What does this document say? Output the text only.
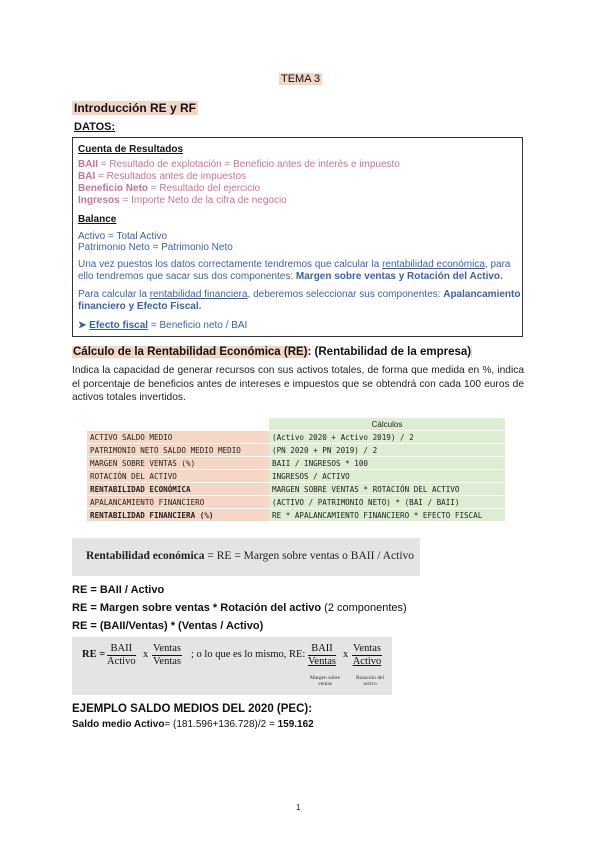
TEMA 3
Introducción RE y RF
DATOS:
Cuenta de Resultados
BAII = Resultado de explotación = Beneficio antes de interés e impuesto
BAI = Resultados antes de impuestos
Beneficio Neto = Resultado del ejercicio
Ingresos = Importe Neto de la cifra de negocio
Balance
Activo = Total Activo
Patrimonio Neto = Patrimonio Neto
Una vez puestos los datos correctamente tendremos que calcular la rentabilidad económica, para
ello tendremos que sacar sus dos componentes: Margen sobre ventas y Rotación del Activo.
Para calcular la rentabilidad financiera, deberemos seleccionar sus componentes: Apalancamiento
financiero y Efecto Fiscal.
➤ Efecto fiscal = Beneficio neto / BAI
Cálculo de la Rentabilidad Económica (RE): (Rentabilidad de la empresa)
Indica la capacidad de generar recursos con sus activos totales, de forma que medida en %, indica el porcentaje de beneficios antes de intereses e impuestos que se obtendrá con cada 100 euros de activos totales invertidos.
	Cálculos
ACTIVO SALDO MEDIO	(Activo 2020 + Activo 2019) / 2
PATRIMONIO NETO SALDO MEDIO MEDIO	(PN 2020 + PN 2019) / 2
MARGEN SOBRE VENTAS (%)	BAII / INGRESOS * 100
ROTACIÓN DEL ACTIVO	INGRESOS / ACTIVO
RENTABILIDAD ECONÓMICA	MARGEN SOBRE VENTAS * ROTACIÓN DEL ACTIVO
APALANCAMIENTO FINANCIERO	(ACTIVO / PATRIMONIO NETO) * (BAI / BAII)
RENTABILIDAD FINANCIERA (%)	RE * APALANCAMIENTO FINANCIERO * EFECTO FISCAL
Rentabilidad económica = RE = Margen sobre ventas o BAII / Activo
RE = BAII / Activo
RE = Margen sobre ventas * Rotación del activo (2 componentes)
RE = (BAII/Ventas) * (Ventas / Activo)
RE =
BAII
Activo
x
Ventas
Ventas
; o lo que es lo mismo, RE:
BAII
Ventas
x
Ventas
Activo
Margen sobre ventas
Rotación del activo
EJEMPLO SALDO MEDIOS DEL 2020 (PEC):
Saldo medio Activo= (181.596+136.728)/2 = 159.162
1
